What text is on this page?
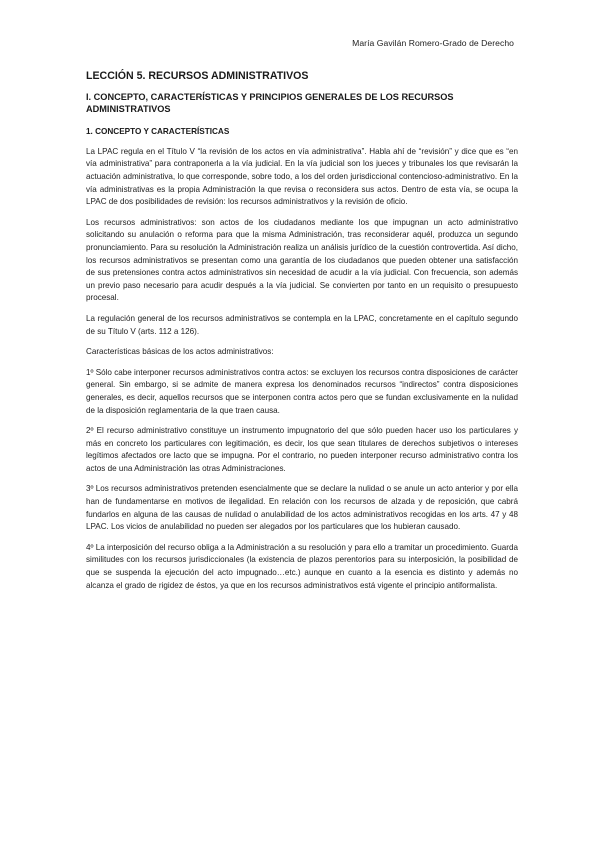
María Gavilán Romero-Grado de Derecho
LECCIÓN 5. RECURSOS ADMINISTRATIVOS
I. CONCEPTO, CARACTERÍSTICAS Y PRINCIPIOS GENERALES DE LOS RECURSOS ADMINISTRATIVOS
1. CONCEPTO Y CARACTERÍSTICAS

La LPAC regula en el Título V “la revisión de los actos en vía administrativa”. Habla ahí de “revisión” y dice que es “en vía administrativa” para contraponerla a la vía judicial. En la vía judicial son los jueces y tribunales los que revisarán la actuación administrativa, lo que corresponde, sobre todo, a los del orden jurisdiccional contencioso-administrativo. En la vía administrativas es la propia Administración la que revisa o reconsidera sus actos. Dentro de esta vía, se ocupa la LPAC de dos posibilidades de revisión: los recursos administrativos y la revisión de oficio.

Los recursos administrativos: son actos de los ciudadanos mediante los que impugnan un acto administrativo solicitando su anulación o reforma para que la misma Administración, tras reconsiderar aquél, produzca un segundo pronunciamiento. Para su resolución la Administración realiza un análisis jurídico de la cuestión controvertida. Así dicho, los recursos administrativos se presentan como una garantía de los ciudadanos que pueden obtener una satisfacción de sus pretensiones contra actos administrativos sin necesidad de acudir a la vía judicial. Con frecuencia, son además un previo paso necesario para acudir después a la vía judicial. Se convierten por tanto en un requisito o presupuesto procesal.

La regulación general de los recursos administrativos se contempla en la LPAC, concretamente en el capítulo segundo de su Título V (arts. 112 a 126).

Características básicas de los actos administrativos:

1º Sólo cabe interponer recursos administrativos contra actos: se excluyen los recursos contra disposiciones de carácter general. Sin embargo, si se admite de manera expresa los denominados recursos “indirectos” contra disposiciones generales, es decir, aquellos recursos que se interponen contra actos pero que se fundan exclusivamente en la nulidad de la disposición reglamentaria de la que traen causa.

2º El recurso administrativo constituye un instrumento impugnatorio del que sólo pueden hacer uso los particulares y más en concreto los particulares con legitimación, es decir, los que sean titulares de derechos subjetivos o intereses legítimos afectados ore lacto que se impugna. Por el contrario, no pueden interponer recurso administrativo contra los actos de una Administración las otras Administraciones.

3º Los recursos administrativos pretenden esencialmente que se declare la nulidad o se anule un acto anterior y por ella han de fundamentarse en motivos de ilegalidad. En relación con los recursos de alzada y de reposición, que cabrá fundarlos en alguna de las causas de nulidad o anulabilidad de los actos administrativos recogidas en los arts. 47 y 48 LPAC. Los vicios de anulabilidad no pueden ser alegados por los particulares que los hubieran causado.

4º La interposición del recurso obliga a la Administración a su resolución y para ello a tramitar un procedimiento. Guarda similitudes con los recursos jurisdiccionales (la existencia de plazos perentorios para su interposición, la posibilidad de que se suspenda la ejecución del acto impugnado…etc.) aunque en cuanto a la esencia es distinto y además no alcanza el grado de rigidez de éstos, ya que en los recursos administrativos está vigente el principio antiformalista.
